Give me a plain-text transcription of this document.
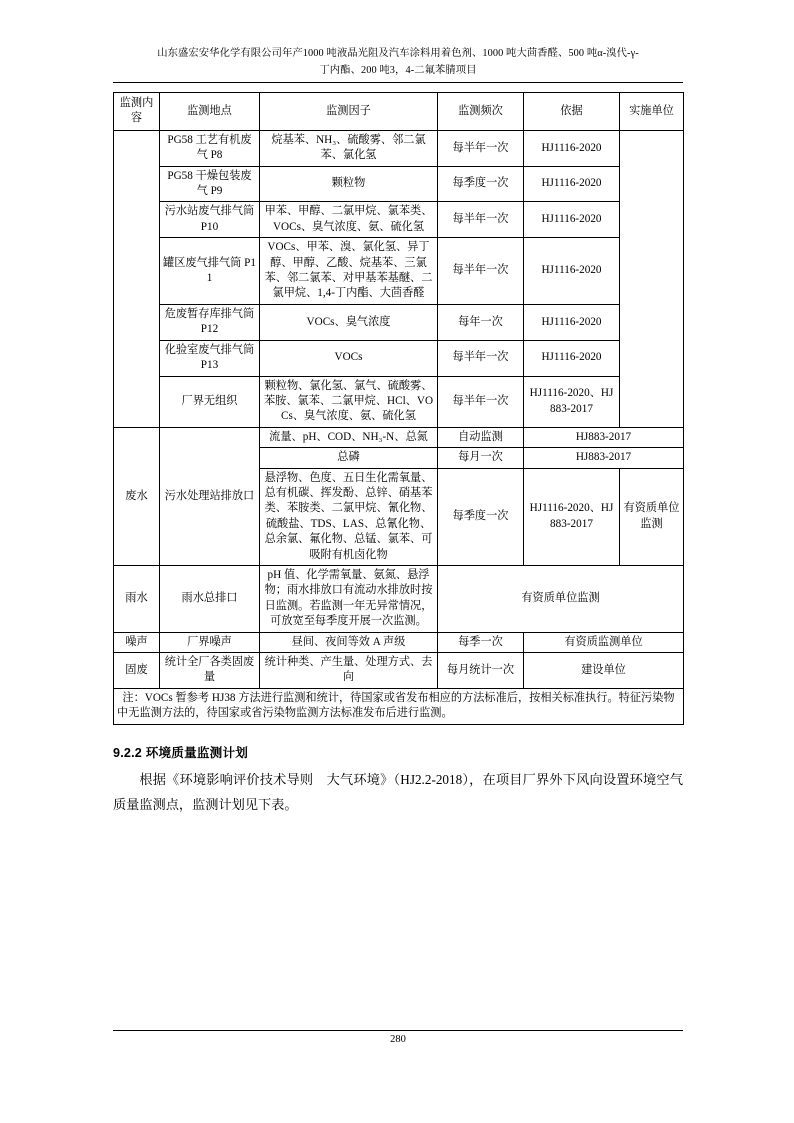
山东盛宏安华化学有限公司年产1000 吨液晶光阻及汽车涂料用着色剂、1000 吨大茴香醛、500 吨α-溴代-γ-
丁内酯、200 吨3，4-二氟苯腈项目
监测内容	监测地点	监测因子	监测频次	依据	实施单位
	PG58 工艺有机废气 P8	烷基苯、NH₃、硫酸雾、邻二氯苯、氯化氢	每半年一次	HJ1116-2020	
	PG58 干燥包装废气 P9	颗粒物	每季度一次	HJ1116-2020	
	污水站废气排气筒 P10	甲苯、甲醇、二氯甲烷、氯苯类、VOCs、臭气浓度、氨、硫化氢	每半年一次	HJ1116-2020	
	罐区废气排气筒 P11	VOCs、甲苯、溴、氯化氢、异丁醇、甲醇、乙酸、烷基苯、三氯苯、邻二氯苯、对甲基苯基醚、二氯甲烷、1,4-丁内酯、大茴香醛	每半年一次	HJ1116-2020	
	危废暂存库排气筒 P12	VOCs、臭气浓度	每年一次	HJ1116-2020	
	化验室废气排气筒 P13	VOCs	每半年一次	HJ1116-2020	
	厂界无组织	颗粒物、氯化氢、氯气、硫酸雾、苯胺、氯苯、二氯甲烷、HCl、VOCs、臭气浓度、氨、硫化氢	每半年一次	HJ1116-2020、HJ883-2017	
废水	污水处理站排放口	流量、pH、COD、NH₃-N、总氮	自动监测	HJ883-2017	
		总磷	每月一次	HJ883-2017	
		悬浮物、色度、五日生化需氧量、总有机碳、挥发酚、总锌、硝基苯类、苯胺类、二氯甲烷、氰化物、硫酸盐、TDS、LAS、总氰化物、总余氯、氟化物、总锰、氯苯、可吸附有机卤化物	每季度一次	HJ1116-2020、HJ883-2017	有资质单位监测
雨水	雨水总排口	pH 值、化学需氧量、氨氮、悬浮物；雨水排放口有流动水排放时按日监测。若监测一年无异常情况，可放宽至每季度开展一次监测。	有资质单位监测		
噪声	厂界噪声	昼间、夜间等效 A 声级	每季一次	有资质监测单位	
固废	统计全厂各类固废量	统计种类、产生量、处理方式、去向	每月统计一次	建设单位	
注：VOCs 暂参考 HJ38 方法进行监测和统计，待国家或省发布相应的方法标准后，按相关标准执行。特征污染物中无监测方法的，待国家或省污染物监测方法标准发布后进行监测。					
9.2.2 环境质量监测计划

根据《环境影响评价技术导则　大气环境》（HJ2.2-2018），在项目厂界外下风向设置环境空气质量监测点，监测计划见下表。

280
